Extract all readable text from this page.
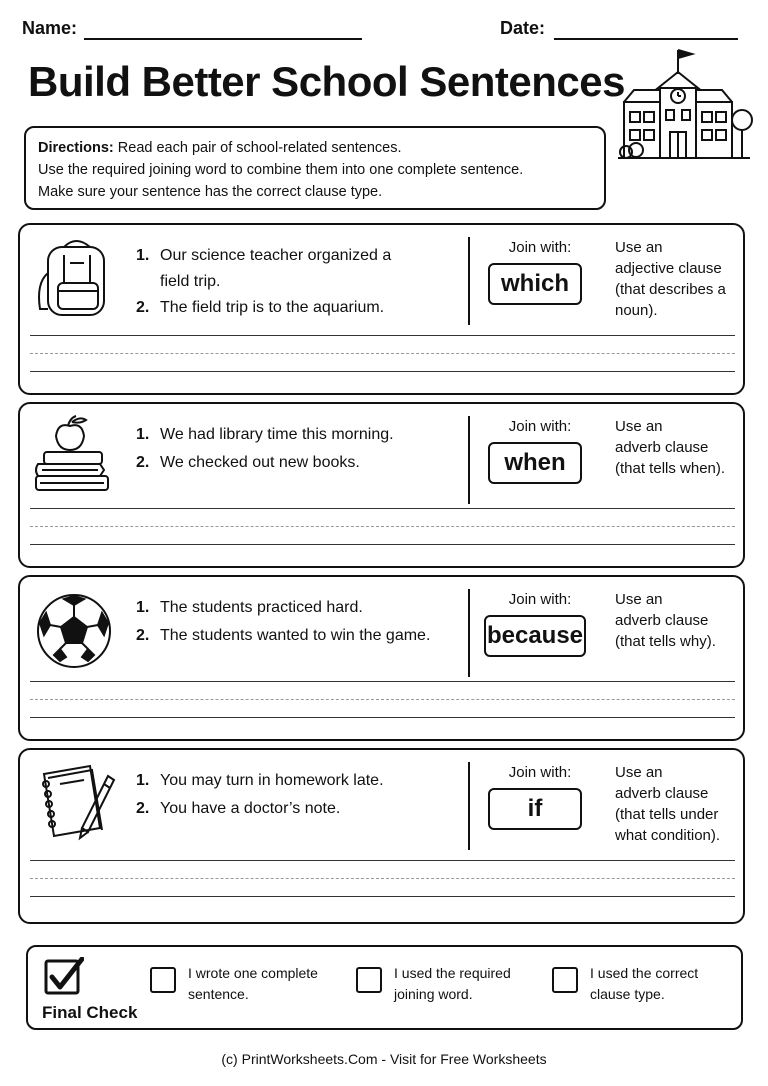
Name:	Date:
Build Better School Sentences
Directions: Read each pair of school-related sentences.
Use the required joining word to combine them into one complete sentence.
Make sure your sentence has the correct clause type.
1. Our science teacher organized a
field trip.
2. The field trip is to the aquarium.
Join with:
which
Use an
adjective clause
(that describes a
noun).
1. We had library time this morning.
2. We checked out new books.
Join with:
when
Use an
adverb clause
(that tells when).
1. The students practiced hard.
2. The students wanted to win the game.
Join with:
because
Use an
adverb clause
(that tells why).
1. You may turn in homework late.
2. You have a doctor’s note.
Join with:
if
Use an
adverb clause
(that tells under
what condition).
Final Check
I wrote one complete
sentence.
I used the required
joining word.
I used the correct
clause type.
(c) PrintWorksheets.Com - Visit for Free Worksheets
